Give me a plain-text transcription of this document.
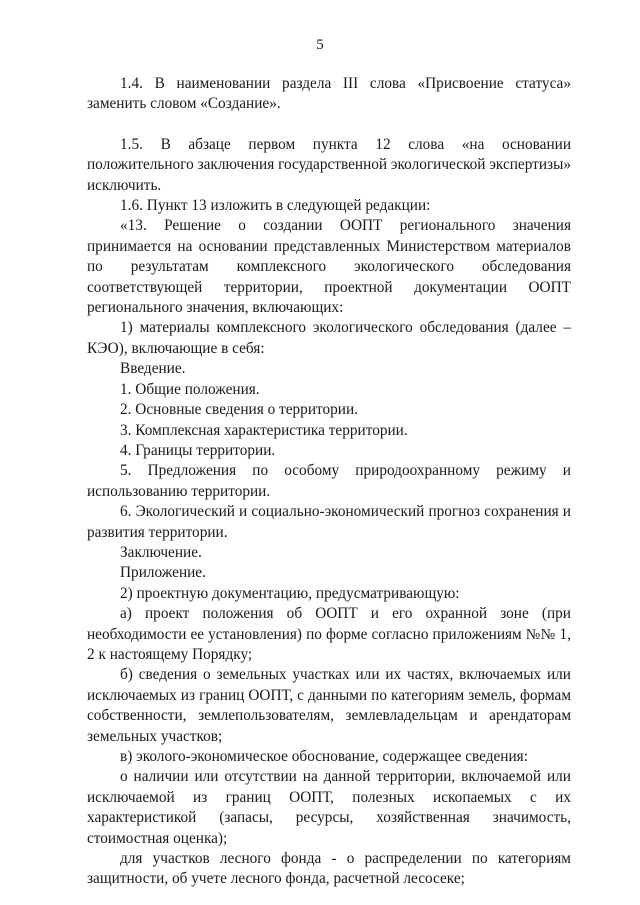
5

1.4. В наименовании раздела III слова «Присвоение статуса» заменить словом «Создание».

1.5. В абзаце первом пункта 12 слова «на основании положительного заключения государственной экологической экспертизы» исключить.

1.6. Пункт 13 изложить в следующей редакции:

«13. Решение о создании ООПТ регионального значения принимается на основании представленных Министерством материалов по результатам комплексного экологического обследования соответствующей территории, проектной документации ООПТ регионального значения, включающих:

1) материалы комплексного экологического обследования (далее – КЭО), включающие в себя:

Введение.

1. Общие положения.

2. Основные сведения о территории.

3. Комплексная характеристика территории.

4. Границы территории.

5. Предложения по особому природоохранному режиму и использованию территории.

6. Экологический и социально-экономический прогноз сохранения и развития территории.

Заключение.

Приложение.

2) проектную документацию, предусматривающую:

а) проект положения об ООПТ и его охранной зоне (при необходимости ее установления) по форме согласно приложениям №№ 1, 2 к настоящему Порядку;

б) сведения о земельных участках или их частях, включаемых или исключаемых из границ ООПТ, с данными по категориям земель, формам собственности, землепользователям, землевладельцам и арендаторам земельных участков;

в) эколого-экономическое обоснование, содержащее сведения:

о наличии или отсутствии на данной территории, включаемой или исключаемой из границ ООПТ, полезных ископаемых с их характеристикой (запасы, ресурсы, хозяйственная значимость, стоимостная оценка);

для участков лесного фонда - о распределении по категориям защитности, об учете лесного фонда, расчетной лесосеке;
